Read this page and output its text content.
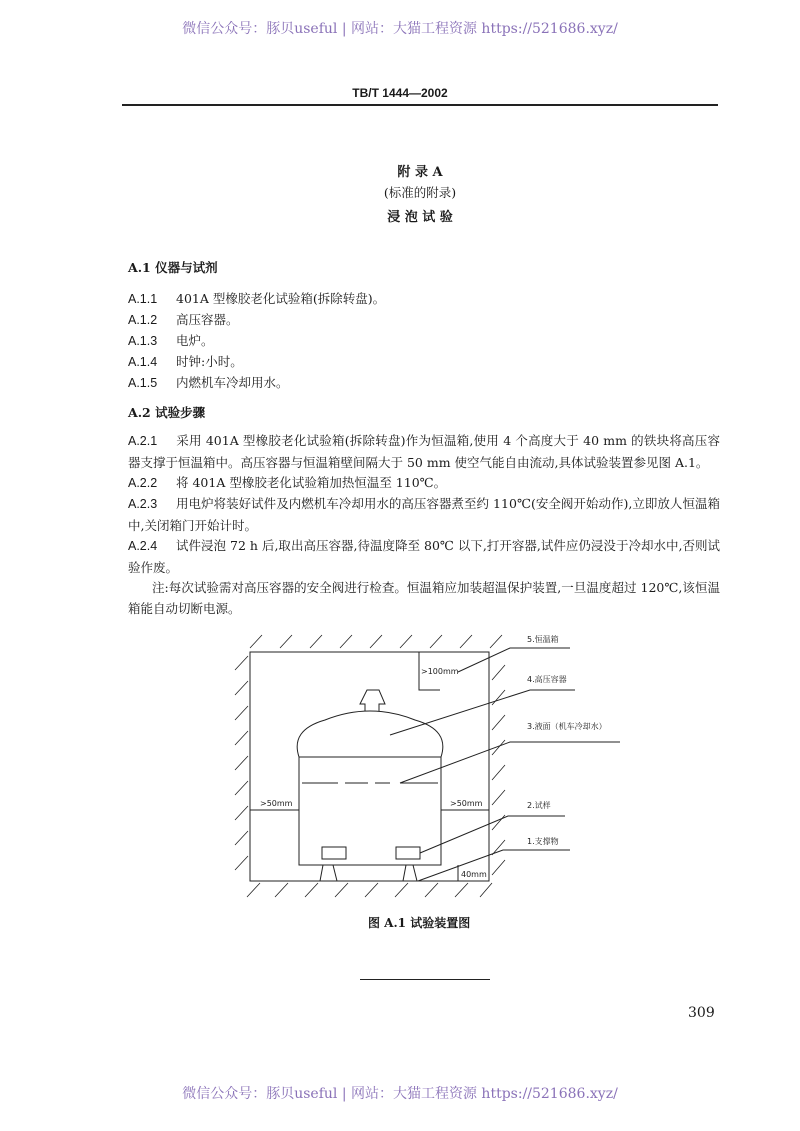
微信公众号：豚贝useful | 网站：大猫工程资源 https://521686.xyz/
TB/T 1444—2002
附 录 A
(标准的附录)
浸 泡 试 验
A.1 仪器与试剂
A.1.1 401A 型橡胶老化试验箱(拆除转盘)。
A.1.2 高压容器。
A.1.3 电炉。
A.1.4 时钟:小时。
A.1.5 内燃机车冷却用水。
A.2 试验步骤
A.2.1 采用 401A 型橡胶老化试验箱(拆除转盘)作为恒温箱,使用 4 个高度大于 40 mm 的铁块将高压容器支撑于恒温箱中。高压容器与恒温箱壁间隔大于 50 mm 使空气能自由流动,具体试验装置参见图 A.1。
A.2.2 将 401A 型橡胶老化试验箱加热恒温至 110℃。
A.2.3 用电炉将装好试件及内燃机车冷却用水的高压容器煮至约 110℃(安全阀开始动作),立即放人恒温箱中,关闭箱门开始计时。
A.2.4 试件浸泡 72 h 后,取出高压容器,待温度降至 80℃ 以下,打开容器,试件应仍浸没于冷却水中,否则试验作废。
注:每次试验需对高压容器的安全阀进行检查。恒温箱应加装超温保护装置,一旦温度超过 120℃,该恒温箱能自动切断电源。
>100mm
>50mm	>50mm
40mm
5.恒温箱
4.高压容器
3.液面（机车冷却水）
2.试样
1.支撑物
图 A.1 试验装置图
309
微信公众号：豚贝useful | 网站：大猫工程资源 https://521686.xyz/
